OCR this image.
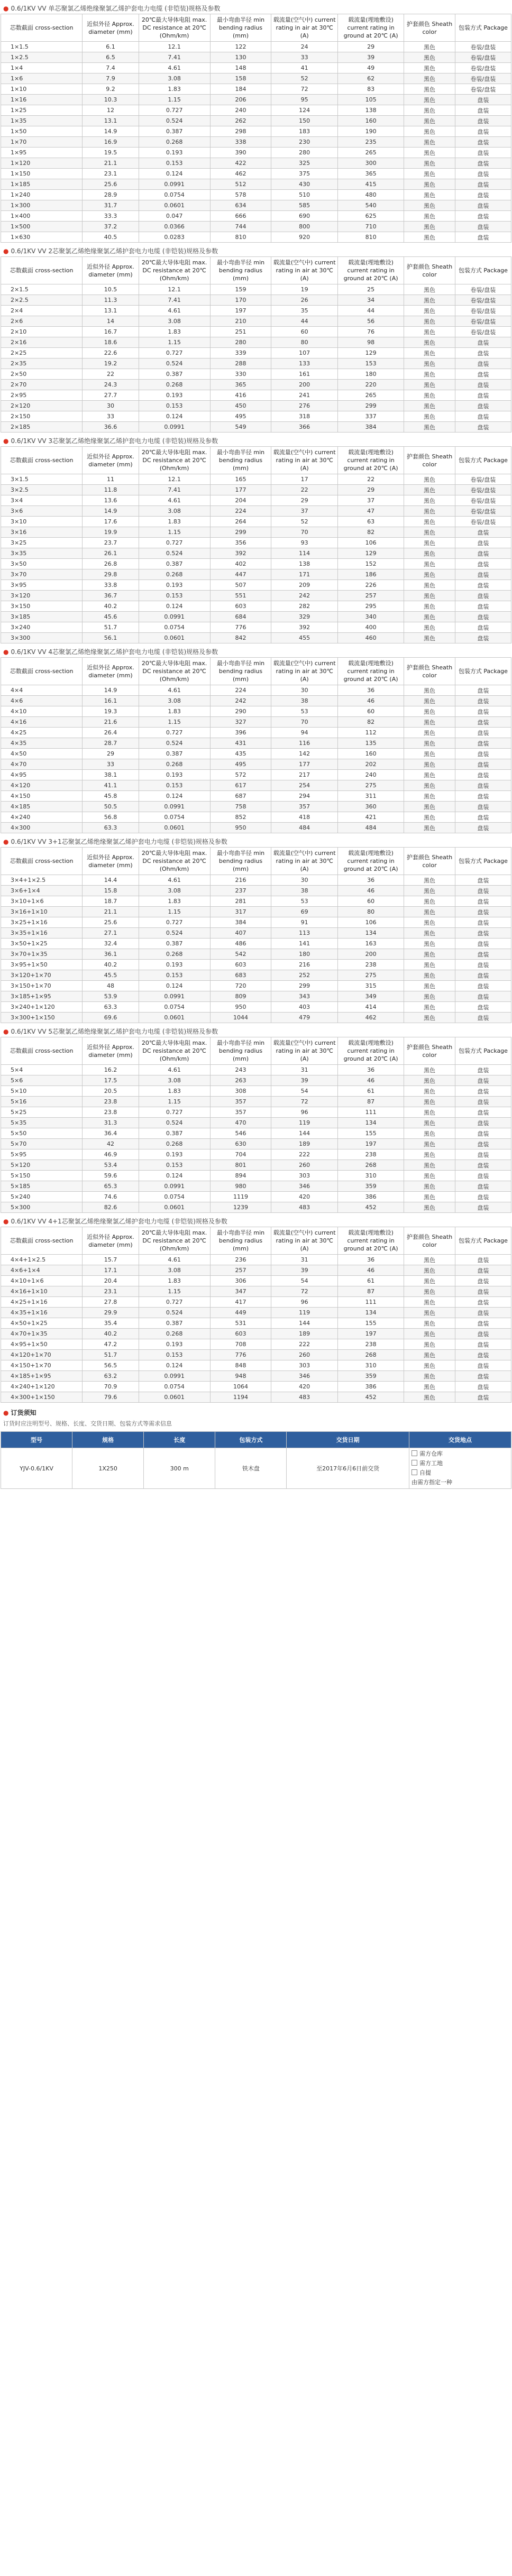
● 0.6/1KV VV 单芯聚氯乙烯绝缘聚氯乙烯护套电力电缆 (非铠装)规格及参数
芯数截面 cross-section	近似外径 Approx. diameter (mm)	20℃最大导体电阻 max. DC resistance at 20℃ (Ohm/km)	最小弯曲半径 min bending radius (mm)	载流量(空气中) current rating in air at 30℃ (A)	载流量(埋地敷设) current rating in ground at 20℃ (A)	护套颜色 Sheath color	包装方式 Package
1×1.5	6.1	12.1	122	24	29	黑色	卷装/盘装
1×2.5	6.5	7.41	130	33	39	黑色	卷装/盘装
1×4	7.4	4.61	148	41	49	黑色	卷装/盘装
1×6	7.9	3.08	158	52	62	黑色	卷装/盘装
1×10	9.2	1.83	184	72	83	黑色	卷装/盘装
1×16	10.3	1.15	206	95	105	黑色	盘装
1×25	12	0.727	240	124	138	黑色	盘装
1×35	13.1	0.524	262	150	160	黑色	盘装
1×50	14.9	0.387	298	183	190	黑色	盘装
1×70	16.9	0.268	338	230	235	黑色	盘装
1×95	19.5	0.193	390	280	265	黑色	盘装
1×120	21.1	0.153	422	325	300	黑色	盘装
1×150	23.1	0.124	462	375	365	黑色	盘装
1×185	25.6	0.0991	512	430	415	黑色	盘装
1×240	28.9	0.0754	578	510	480	黑色	盘装
1×300	31.7	0.0601	634	585	540	黑色	盘装
1×400	33.3	0.047	666	690	625	黑色	盘装
1×500	37.2	0.0366	744	800	710	黑色	盘装
1×630	40.5	0.0283	810	920	810	黑色	盘装
● 0.6/1KV VV 2芯聚氯乙烯绝缘聚氯乙烯护套电力电缆 (非铠装)规格及参数
芯数截面 cross-section	近似外径 Approx. diameter (mm)	20℃最大导体电阻 max. DC resistance at 20℃ (Ohm/km)	最小弯曲半径 min bending radius (mm)	载流量(空气中) current rating in air at 30℃ (A)	载流量(埋地敷设) current rating in ground at 20℃ (A)	护套颜色 Sheath color	包装方式 Package
2×1.5	10.5	12.1	159	19	25	黑色	卷装/盘装
2×2.5	11.3	7.41	170	26	34	黑色	卷装/盘装
2×4	13.1	4.61	197	35	44	黑色	卷装/盘装
2×6	14	3.08	210	44	56	黑色	卷装/盘装
2×10	16.7	1.83	251	60	76	黑色	卷装/盘装
2×16	18.6	1.15	280	80	98	黑色	盘装
2×25	22.6	0.727	339	107	129	黑色	盘装
2×35	19.2	0.524	288	133	153	黑色	盘装
2×50	22	0.387	330	161	180	黑色	盘装
2×70	24.3	0.268	365	200	220	黑色	盘装
2×95	27.7	0.193	416	241	265	黑色	盘装
2×120	30	0.153	450	276	299	黑色	盘装
2×150	33	0.124	495	318	337	黑色	盘装
2×185	36.6	0.0991	549	366	384	黑色	盘装
● 0.6/1KV VV 3芯聚氯乙烯绝缘聚氯乙烯护套电力电缆 (非铠装)规格及参数
芯数截面 cross-section	近似外径 Approx. diameter (mm)	20℃最大导体电阻 max. DC resistance at 20℃ (Ohm/km)	最小弯曲半径 min bending radius (mm)	载流量(空气中) current rating in air at 30℃ (A)	载流量(埋地敷设) current rating in ground at 20℃ (A)	护套颜色 Sheath color	包装方式 Package
3×1.5	11	12.1	165	17	22	黑色	卷装/盘装
3×2.5	11.8	7.41	177	22	29	黑色	卷装/盘装
3×4	13.6	4.61	204	29	37	黑色	卷装/盘装
3×6	14.9	3.08	224	37	47	黑色	卷装/盘装
3×10	17.6	1.83	264	52	63	黑色	卷装/盘装
3×16	19.9	1.15	299	70	82	黑色	盘装
3×25	23.7	0.727	356	93	106	黑色	盘装
3×35	26.1	0.524	392	114	129	黑色	盘装
3×50	26.8	0.387	402	138	152	黑色	盘装
3×70	29.8	0.268	447	171	186	黑色	盘装
3×95	33.8	0.193	507	209	226	黑色	盘装
3×120	36.7	0.153	551	242	257	黑色	盘装
3×150	40.2	0.124	603	282	295	黑色	盘装
3×185	45.6	0.0991	684	329	340	黑色	盘装
3×240	51.7	0.0754	776	392	400	黑色	盘装
3×300	56.1	0.0601	842	455	460	黑色	盘装
● 0.6/1KV VV 4芯聚氯乙烯绝缘聚氯乙烯护套电力电缆 (非铠装)规格及参数
芯数截面 cross-section	近似外径 Approx. diameter (mm)	20℃最大导体电阻 max. DC resistance at 20℃ (Ohm/km)	最小弯曲半径 min bending radius (mm)	载流量(空气中) current rating in air at 30℃ (A)	载流量(埋地敷设) current rating in ground at 20℃ (A)	护套颜色 Sheath color	包装方式 Package
4×4	14.9	4.61	224	30	36	黑色	盘装
4×6	16.1	3.08	242	38	46	黑色	盘装
4×10	19.3	1.83	290	53	60	黑色	盘装
4×16	21.6	1.15	327	70	82	黑色	盘装
4×25	26.4	0.727	396	94	112	黑色	盘装
4×35	28.7	0.524	431	116	135	黑色	盘装
4×50	29	0.387	435	142	160	黑色	盘装
4×70	33	0.268	495	177	202	黑色	盘装
4×95	38.1	0.193	572	217	240	黑色	盘装
4×120	41.1	0.153	617	254	275	黑色	盘装
4×150	45.8	0.124	687	294	311	黑色	盘装
4×185	50.5	0.0991	758	357	360	黑色	盘装
4×240	56.8	0.0754	852	418	421	黑色	盘装
4×300	63.3	0.0601	950	484	484	黑色	盘装
● 0.6/1KV VV 3+1芯聚氯乙烯绝缘聚氯乙烯护套电力电缆 (非铠装)规格及参数
芯数截面 cross-section	近似外径 Approx. diameter (mm)	20℃最大导体电阻 max. DC resistance at 20℃ (Ohm/km)	最小弯曲半径 min bending radius (mm)	载流量(空气中) current rating in air at 30℃ (A)	载流量(埋地敷设) current rating in ground at 20℃ (A)	护套颜色 Sheath color	包装方式 Package
3×4+1×2.5	14.4	4.61	216	30	36	黑色	盘装
3×6+1×4	15.8	3.08	237	38	46	黑色	盘装
3×10+1×6	18.7	1.83	281	53	60	黑色	盘装
3×16+1×10	21.1	1.15	317	69	80	黑色	盘装
3×25+1×16	25.6	0.727	384	91	106	黑色	盘装
3×35+1×16	27.1	0.524	407	113	134	黑色	盘装
3×50+1×25	32.4	0.387	486	141	163	黑色	盘装
3×70+1×35	36.1	0.268	542	180	200	黑色	盘装
3×95+1×50	40.2	0.193	603	216	238	黑色	盘装
3×120+1×70	45.5	0.153	683	252	275	黑色	盘装
3×150+1×70	48	0.124	720	299	315	黑色	盘装
3×185+1×95	53.9	0.0991	809	343	349	黑色	盘装
3×240+1×120	63.3	0.0754	950	403	414	黑色	盘装
3×300+1×150	69.6	0.0601	1044	479	462	黑色	盘装
● 0.6/1KV VV 5芯聚氯乙烯绝缘聚氯乙烯护套电力电缆 (非铠装)规格及参数
芯数截面 cross-section	近似外径 Approx. diameter (mm)	20℃最大导体电阻 max. DC resistance at 20℃ (Ohm/km)	最小弯曲半径 min bending radius (mm)	载流量(空气中) current rating in air at 30℃ (A)	载流量(埋地敷设) current rating in ground at 20℃ (A)	护套颜色 Sheath color	包装方式 Package
5×4	16.2	4.61	243	31	36	黑色	盘装
5×6	17.5	3.08	263	39	46	黑色	盘装
5×10	20.5	1.83	308	54	61	黑色	盘装
5×16	23.8	1.15	357	72	87	黑色	盘装
5×25	23.8	0.727	357	96	111	黑色	盘装
5×35	31.3	0.524	470	119	134	黑色	盘装
5×50	36.4	0.387	546	144	155	黑色	盘装
5×70	42	0.268	630	189	197	黑色	盘装
5×95	46.9	0.193	704	222	238	黑色	盘装
5×120	53.4	0.153	801	260	268	黑色	盘装
5×150	59.6	0.124	894	303	310	黑色	盘装
5×185	65.3	0.0991	980	346	359	黑色	盘装
5×240	74.6	0.0754	1119	420	386	黑色	盘装
5×300	82.6	0.0601	1239	483	452	黑色	盘装
● 0.6/1KV VV 4+1芯聚氯乙烯绝缘聚氯乙烯护套电力电缆 (非铠装)规格及参数
芯数截面 cross-section	近似外径 Approx. diameter (mm)	20℃最大导体电阻 max. DC resistance at 20℃ (Ohm/km)	最小弯曲半径 min bending radius (mm)	载流量(空气中) current rating in air at 30℃ (A)	载流量(埋地敷设) current rating in ground at 20℃ (A)	护套颜色 Sheath color	包装方式 Package
4×4+1×2.5	15.7	4.61	236	31	36	黑色	盘装
4×6+1×4	17.1	3.08	257	39	46	黑色	盘装
4×10+1×6	20.4	1.83	306	54	61	黑色	盘装
4×16+1×10	23.1	1.15	347	72	87	黑色	盘装
4×25+1×16	27.8	0.727	417	96	111	黑色	盘装
4×35+1×16	29.9	0.524	449	119	134	黑色	盘装
4×50+1×25	35.4	0.387	531	144	155	黑色	盘装
4×70+1×35	40.2	0.268	603	189	197	黑色	盘装
4×95+1×50	47.2	0.193	708	222	238	黑色	盘装
4×120+1×70	51.7	0.153	776	260	268	黑色	盘装
4×150+1×70	56.5	0.124	848	303	310	黑色	盘装
4×185+1×95	63.2	0.0991	948	346	359	黑色	盘装
4×240+1×120	70.9	0.0754	1064	420	386	黑色	盘装
4×300+1×150	79.6	0.0601	1194	483	452	黑色	盘装
● 订货须知
订货时应注明型号、规格、长度、交货日期、包装方式等需求信息
型号	规格	长度	包装方式	交货日期	交货地点
YJV-0.6/1KV	1X250	300 m	铁木盘	至2017年6月6日前交货	需方仓库
需方工地
自提
由需方指定一种
